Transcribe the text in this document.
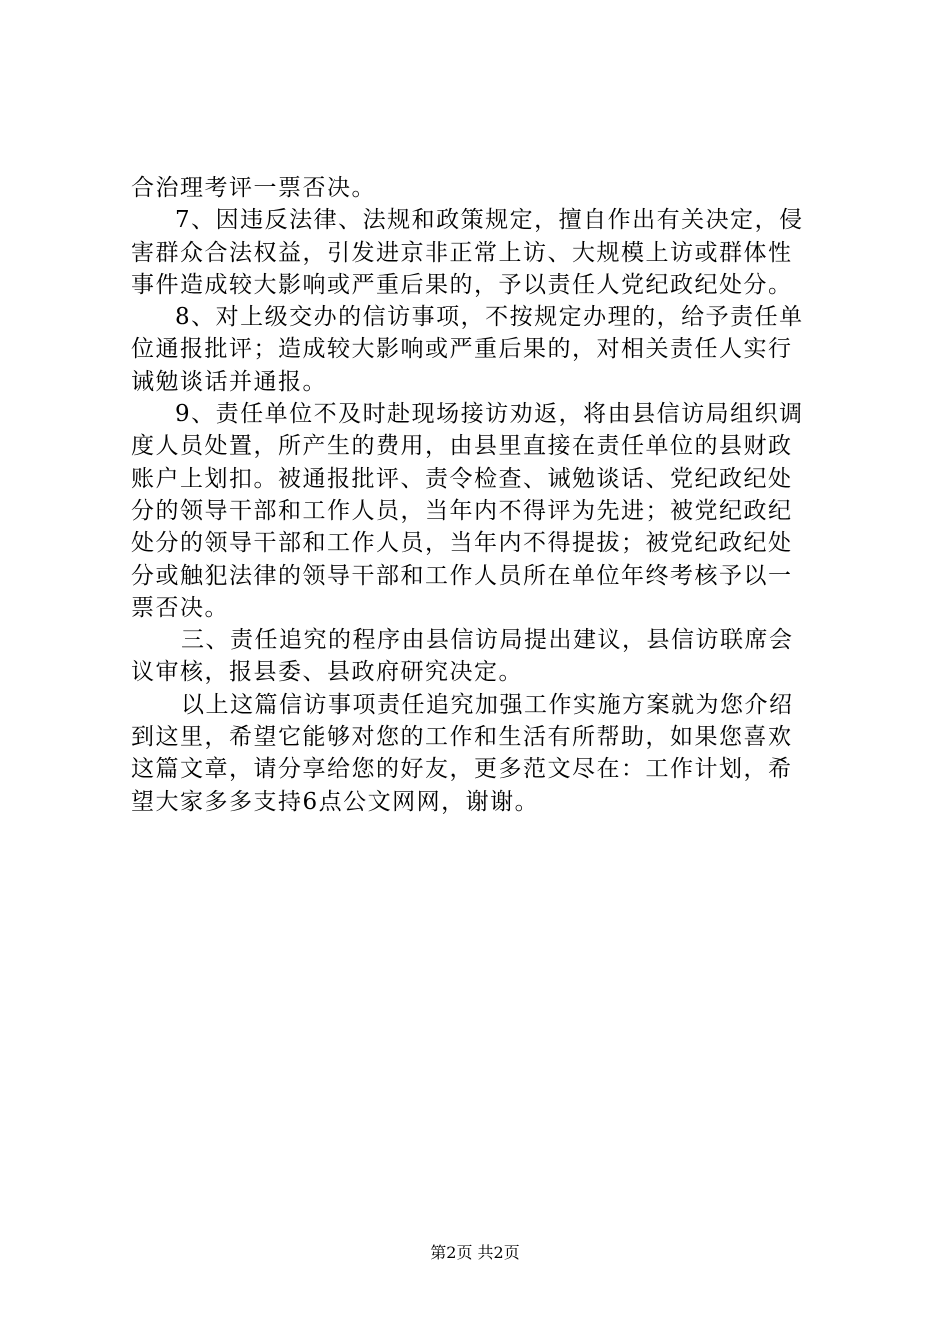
合治理考评一票否决。
7、因违反法律、法规和政策规定，擅自作出有关决定，侵
害群众合法权益，引发进京非正常上访、大规模上访或群体性
事件造成较大影响或严重后果的，予以责任人党纪政纪处分。
8、对上级交办的信访事项，不按规定办理的，给予责任单
位通报批评；造成较大影响或严重后果的，对相关责任人实行
诫勉谈话并通报。
9、责任单位不及时赴现场接访劝返，将由县信访局组织调
度人员处置，所产生的费用，由县里直接在责任单位的县财政
账户上划扣。被通报批评、责令检查、诫勉谈话、党纪政纪处
分的领导干部和工作人员，当年内不得评为先进；被党纪政纪
处分的领导干部和工作人员，当年内不得提拔；被党纪政纪处
分或触犯法律的领导干部和工作人员所在单位年终考核予以一
票否决。
三、责任追究的程序由县信访局提出建议，县信访联席会
议审核，报县委、县政府研究决定。
以上这篇信访事项责任追究加强工作实施方案就为您介绍
到这里，希望它能够对您的工作和生活有所帮助，如果您喜欢
这篇文章，请分享给您的好友，更多范文尽在：工作计划，希
望大家多多支持6点公文网网，谢谢。
第2页 共2页
